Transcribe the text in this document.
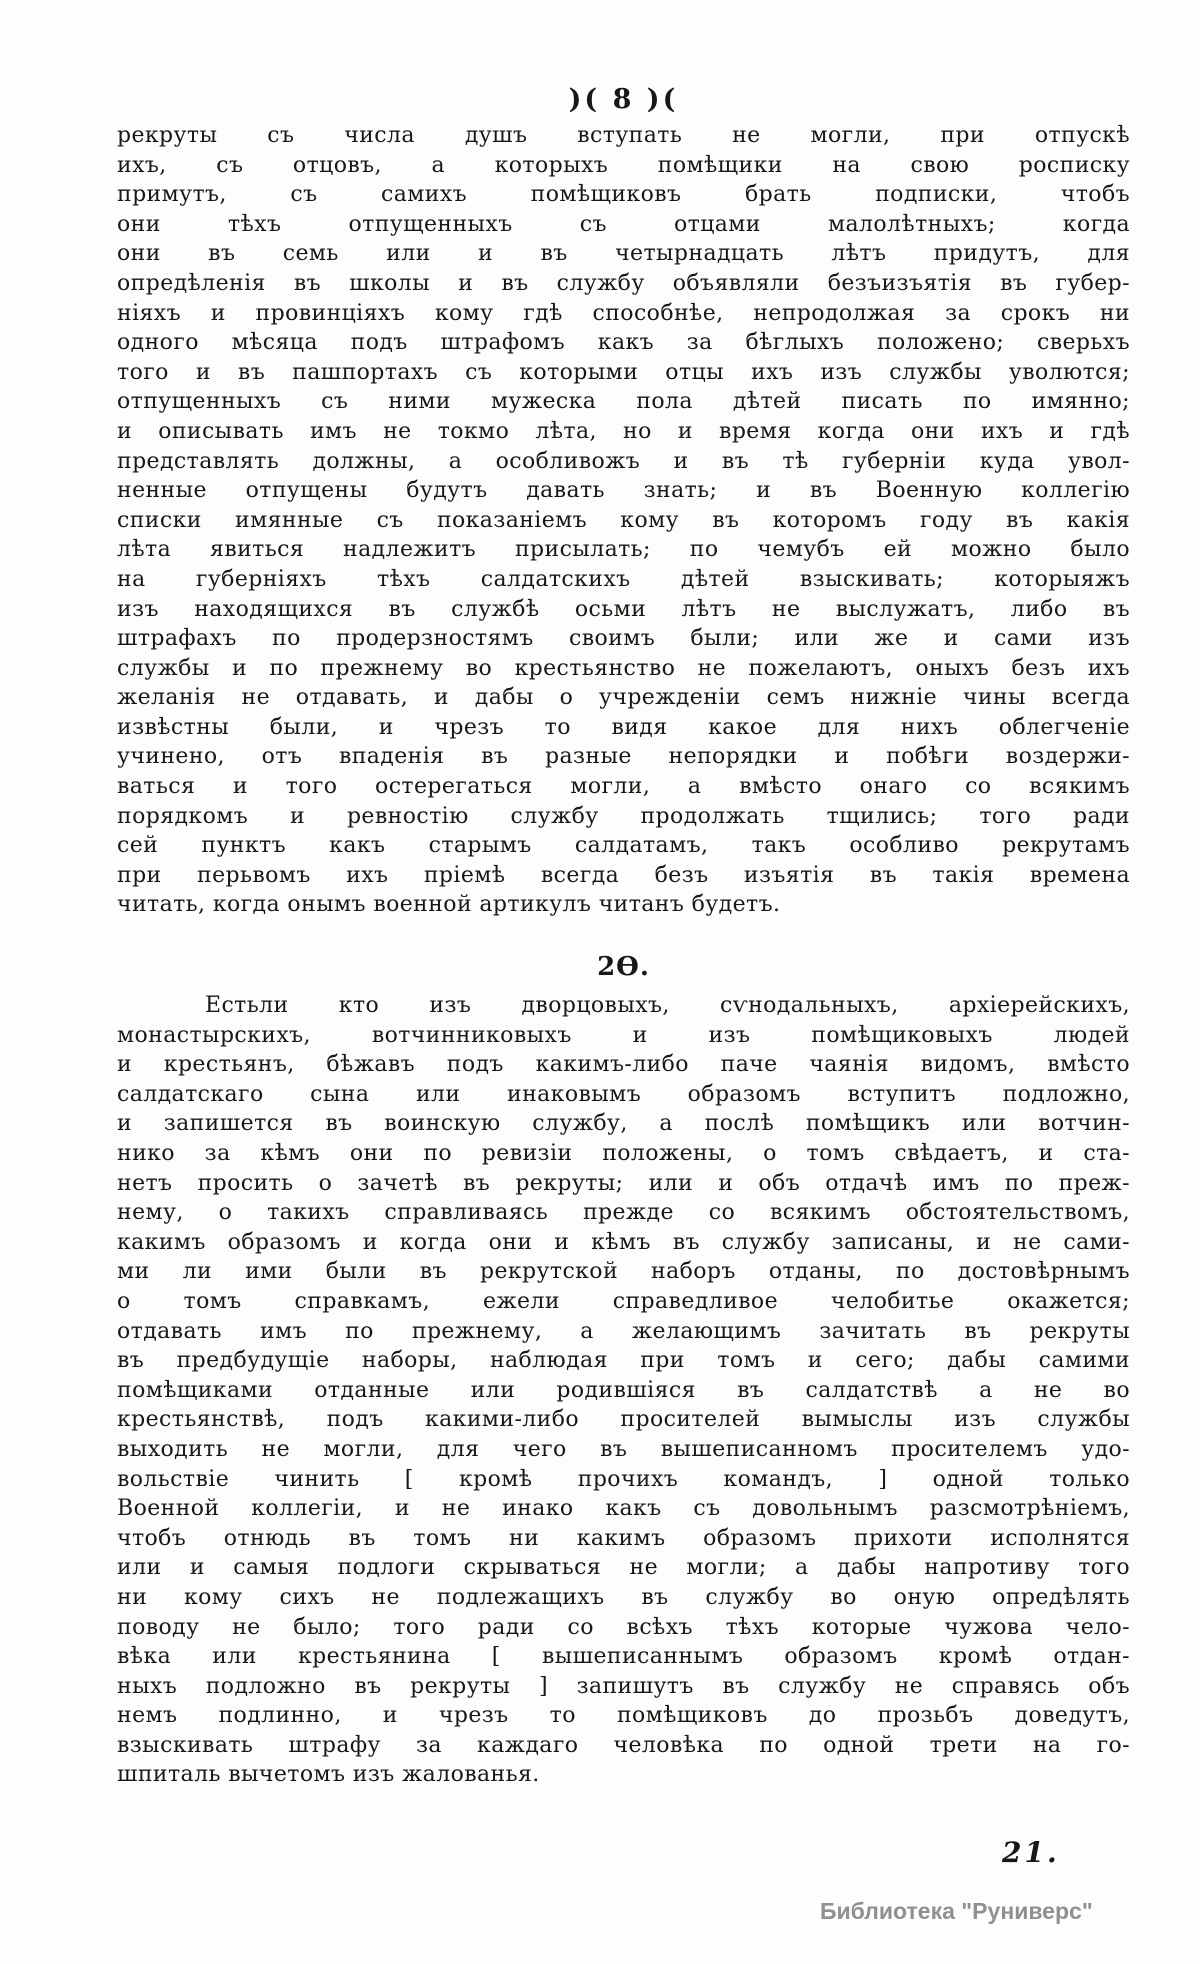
)( 8 )(
рекруты съ числа душъ вступать не могли, при отпускѣ
ихъ, съ отцовъ, а которыхъ помѣщики на свою росписку
примутъ, съ самихъ помѣщиковъ брать подписки, чтобъ
они тѣхъ отпущенныхъ съ отцами малолѣтныхъ; когда
они въ семь или и въ четырнадцать лѣтъ придутъ, для
опредѣленія въ школы и въ службу объявляли безъизъятія въ губер-
ніяхъ и провинціяхъ кому гдѣ способнѣе, непродолжая за срокъ ни
одного мѣсяца подъ штрафомъ какъ за бѣглыхъ положено; сверьхъ
того и въ пашпортахъ съ которыми отцы ихъ изъ службы уволются;
отпущенныхъ съ ними мужеска пола дѣтей писать по имянно;
и описывать имъ не токмо лѣта, но и время когда они ихъ и гдѣ
представлять должны, а особливожъ и въ тѣ губерніи куда увол-
ненные отпущены будутъ давать знать; и въ Военную коллегію
списки имянные съ показаніемъ кому въ которомъ году въ какія
лѣта явиться надлежитъ присылать; по чемубъ ей можно было
на губерніяхъ тѣхъ салдатскихъ дѣтей взыскивать; которыяжъ
изъ находящихся въ службѣ осьми лѣтъ не выслужатъ, либо въ
штрафахъ по продерзностямъ своимъ были; или же и сами изъ
службы и по прежнему во крестьянство не пожелаютъ, оныхъ безъ ихъ
желанія не отдавать, и дабы о учрежденіи семъ нижніе чины всегда
извѣстны были, и чрезъ то видя какое для нихъ облегченіе
учинено, отъ впаденія въ разные непорядки и побѣги воздержи-
ваться и того остерегаться могли, а вмѣсто онаго со всякимъ
порядкомъ и ревностію службу продолжать тщились; того ради
сей пунктъ какъ старымъ салдатамъ, такъ особливо рекрутамъ
при перьвомъ ихъ пріемѣ всегда безъ изъятія въ такія времена
читать, когда онымъ военной артикулъ читанъ будетъ.
2Ѳ.
Естьли кто изъ дворцовыхъ, сѵнодальныхъ, архіерейскихъ,
монастырскихъ, вотчинниковыхъ и изъ помѣщиковыхъ людей
и крестьянъ, бѣжавъ подъ какимъ-либо паче чаянія видомъ, вмѣсто
салдатскаго сына или инаковымъ образомъ вступитъ подложно,
и запишется въ воинскую службу, а послѣ помѣщикъ или вотчин-
нико за кѣмъ они по ревизіи положены, о томъ свѣдаетъ, и ста-
нетъ просить о зачетѣ въ рекруты; или и объ отдачѣ имъ по преж-
нему, о такихъ справливаясь прежде со всякимъ обстоятельствомъ,
какимъ образомъ и когда они и кѣмъ въ службу записаны, и не сами-
ми ли ими были въ рекрутской наборъ отданы, по достовѣрнымъ
о томъ справкамъ, ежели справедливое челобитье окажется;
отдавать имъ по прежнему, а желающимъ зачитать въ рекруты
въ предбудущіе наборы, наблюдая при томъ и сего; дабы самими
помѣщиками отданные или родившіяся въ салдатствѣ а не во
крестьянствѣ, подъ какими-либо просителей вымыслы изъ службы
выходить не могли, для чего въ вышеписанномъ просителемъ удо-
вольствіе чинить [ кромѣ прочихъ командъ, ] одной только
Военной коллегіи, и не инако какъ съ довольнымъ разсмотрѣніемъ,
чтобъ отнюдь въ томъ ни какимъ образомъ прихоти исполнятся
или и самыя подлоги скрываться не могли; а дабы напротиву того
ни кому сихъ не подлежащихъ въ службу во оную опредѣлять
поводу не было; того ради со всѣхъ тѣхъ которые чужова чело-
вѣка или крестьянина [ вышеписаннымъ образомъ кромѣ отдан-
ныхъ подложно въ рекруты ] запишутъ въ службу не справясь объ
немъ подлинно, и чрезъ то помѣщиковъ до прозьбъ доведутъ,
взыскивать штрафу за каждаго человѣка по одной трети на го-
шпиталь вычетомъ изъ жалованья.
21.
Библиотека "Руниверс"
